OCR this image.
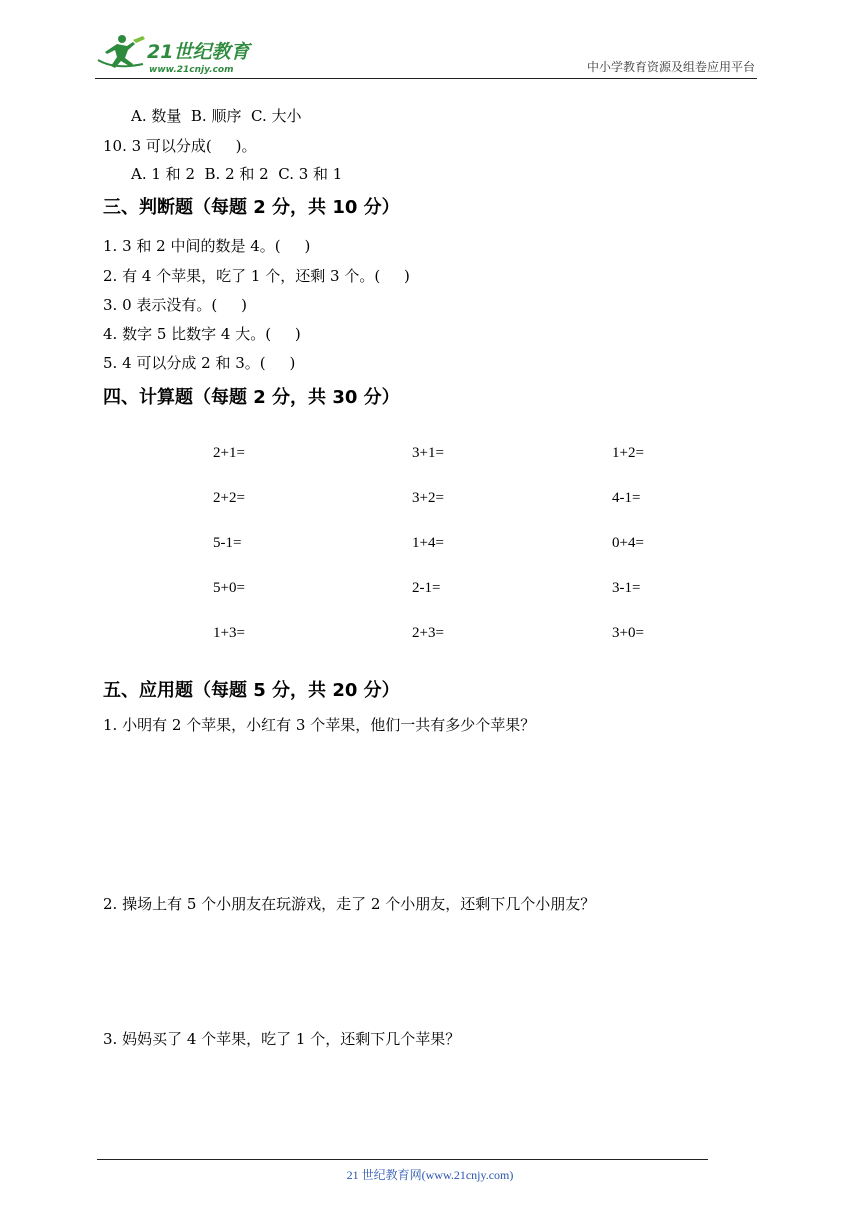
21世纪教育
www.21cnjy.com	中小学教育资源及组卷应用平台
A. 数量  B. 顺序  C. 大小
10. 3 可以分成(     )。
A. 1 和 2  B. 2 和 2  C. 3 和 1
三、判断题（每题 2 分，共 10 分）
1. 3 和 2 中间的数是 4。(     )
2. 有 4 个苹果，吃了 1 个，还剩 3 个。(     )
3. 0 表示没有。(     )
4. 数字 5 比数字 4 大。(     )
5. 4 可以分成 2 和 3。(     )
四、计算题（每题 2 分，共 30 分）
2+1=	3+1=	1+2=
2+2=	3+2=	4-1=
5-1=	1+4=	0+4=
5+0=	2-1=	3-1=
1+3=	2+3=	3+0=
五、应用题（每题 5 分，共 20 分）
1. 小明有 2 个苹果，小红有 3 个苹果，他们一共有多少个苹果？
2. 操场上有 5 个小朋友在玩游戏，走了 2 个小朋友，还剩下几个小朋友？
3. 妈妈买了 4 个苹果，吃了 1 个，还剩下几个苹果？
21 世纪教育网(www.21cnjy.com)
